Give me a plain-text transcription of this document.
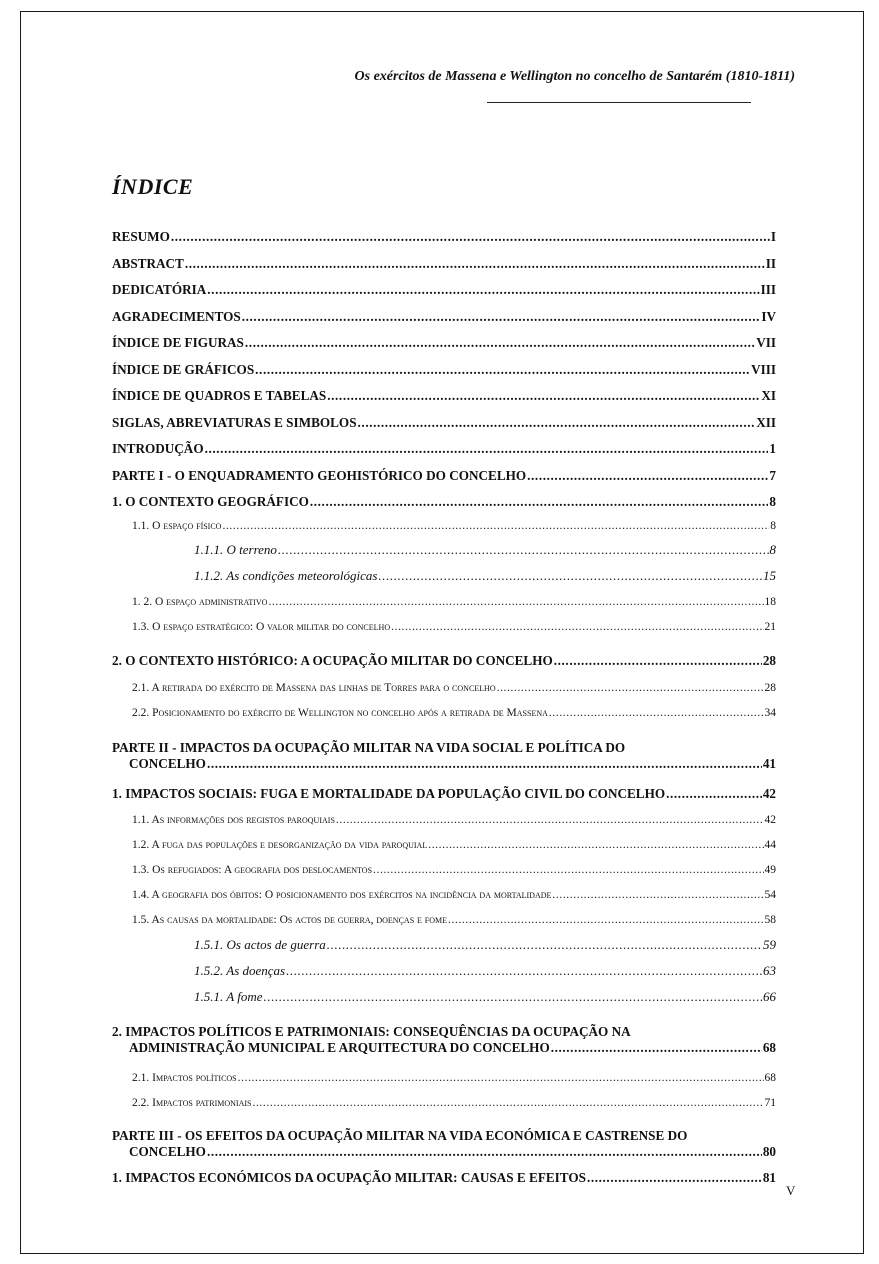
Os exércitos de Massena e Wellington no concelho de Santarém (1810-1811)
ÍNDICE
RESUMO .....	I
ABSTRACT .....	II
DEDICATÓRIA .....	III
AGRADECIMENTOS .....	IV
ÍNDICE DE FIGURAS .....	VII
ÍNDICE DE GRÁFICOS .....	VIII
ÍNDICE DE QUADROS E TABELAS .....	XI
SIGLAS, ABREVIATURAS E SIMBOLOS .....	XII
INTRODUÇÃO .....	1
PARTE I - O ENQUADRAMENTO GEOHISTÓRICO DO CONCELHO .....	7
1. O CONTEXTO GEOGRÁFICO .....	8
1.1. O espaço físico .....	8
1.1.1. O terreno .....	8
1.1.2. As condições meteorológicas .....	15
1. 2. O espaço administrativo .....	18
1.3. O espaço estratégico: O valor militar do concelho .....	21
2. O CONTEXTO HISTÓRICO: A OCUPAÇÃO MILITAR DO CONCELHO .....	28
2.1. A retirada do exército de Massena das linhas de Torres para o concelho .....	28
2.2. Posicionamento do exército de Wellington no concelho após a retirada de Massena .....	34
PARTE II - IMPACTOS DA OCUPAÇÃO MILITAR NA VIDA SOCIAL E POLÍTICA DO
CONCELHO .....	41
1. IMPACTOS SOCIAIS: FUGA E MORTALIDADE DA POPULAÇÃO CIVIL DO CONCELHO .....	42
1.1. As informações dos registos paroquiais .....	42
1.2. A fuga das populações e desorganização da vida paroquial .....	44
1.3. Os refugiados: A geografia dos deslocamentos .....	49
1.4. A geografia dos óbitos: O posicionamento dos exércitos na incidência da mortalidade .....	54
1.5. As causas da mortalidade: Os actos de guerra, doenças e fome .....	58
1.5.1. Os actos de guerra .....	59
1.5.2. As doenças .....	63
1.5.1. A fome .....	66
2. IMPACTOS POLÍTICOS E PATRIMONIAIS: CONSEQUÊNCIAS DA OCUPAÇÃO NA
ADMINISTRAÇÃO MUNICIPAL E ARQUITECTURA DO CONCELHO .....	68
2.1. Impactos políticos .....	68
2.2. Impactos patrimoniais .....	71
PARTE III - OS EFEITOS DA OCUPAÇÃO MILITAR NA VIDA ECONÓMICA E CASTRENSE DO
CONCELHO .....	80
1. IMPACTOS ECONÓMICOS DA OCUPAÇÃO MILITAR: CAUSAS E EFEITOS .....	81
V
